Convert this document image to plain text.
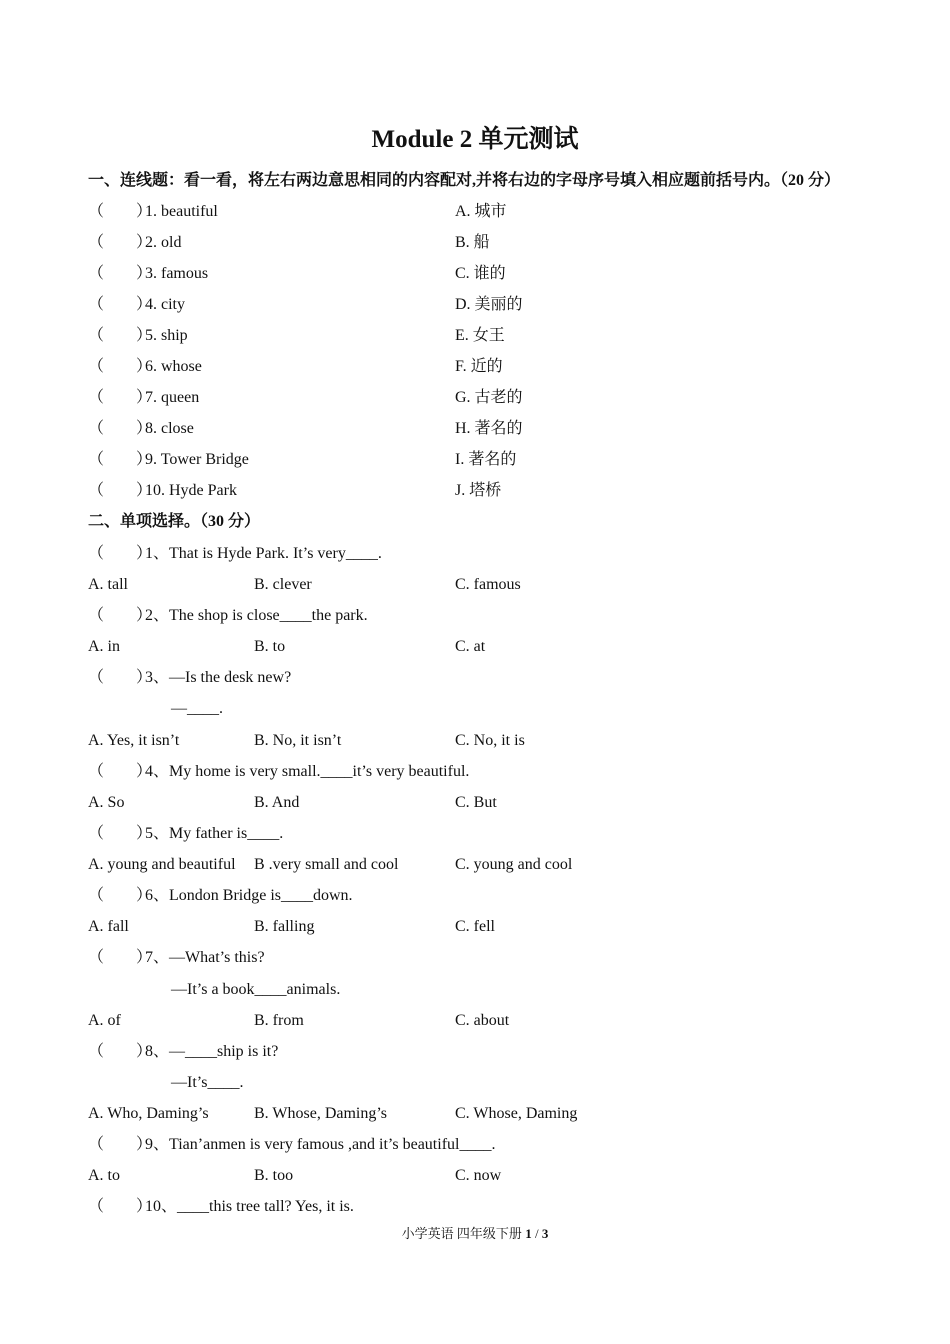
Module 2 单元测试
一、连线题：看一看，将左右两边意思相同的内容配对,并将右边的字母序号填入相应题前括号内。（20 分）
（　　）
1. beautiful	A. 城市
（　　）
2. old	B. 船
（　　）
3. famous	C. 谁的
（　　）
4. city	D. 美丽的
（　　）
5. ship	E. 女王
（　　）
6. whose	F. 近的
（　　）
7. queen	G. 古老的
（　　）
8. close	H. 著名的
（　　）
9. Tower Bridge	I. 著名的
（　　）
10. Hyde Park	J. 塔桥
二、单项选择。（30 分）
（　　）
1、That is Hyde Park. It’s very____.
A. tall	B. clever	C. famous
（　　）
2、The shop is close____the park.
A. in	B. to	C. at
（　　）
3、—Is the desk new?
—____.
A. Yes, it isn’t	B. No, it isn’t	C. No, it is
（　　）
4、My home is very small.____it’s very beautiful.
A. So	B. And	C. But
（　　）
5、My father is____.
A. young and beautiful B .very small and cool	C. young and cool
（　　）
6、London Bridge is____down.
A. fall	B. falling	C. fell
（　　）
7、—What’s this?
—It’s a book____animals.
A. of	B. from	C. about
（　　）
8、—____ship is it?
—It’s____.
A. Who, Daming’s	B. Whose, Daming’s	C. Whose, Daming
（　　）
9、Tian’anmen is very famous ,and it’s beautiful____.
A. to	B. too	C. now
（　　）
10、____this tree tall? Yes, it is.
小学英语 四年级下册 1 / 3
